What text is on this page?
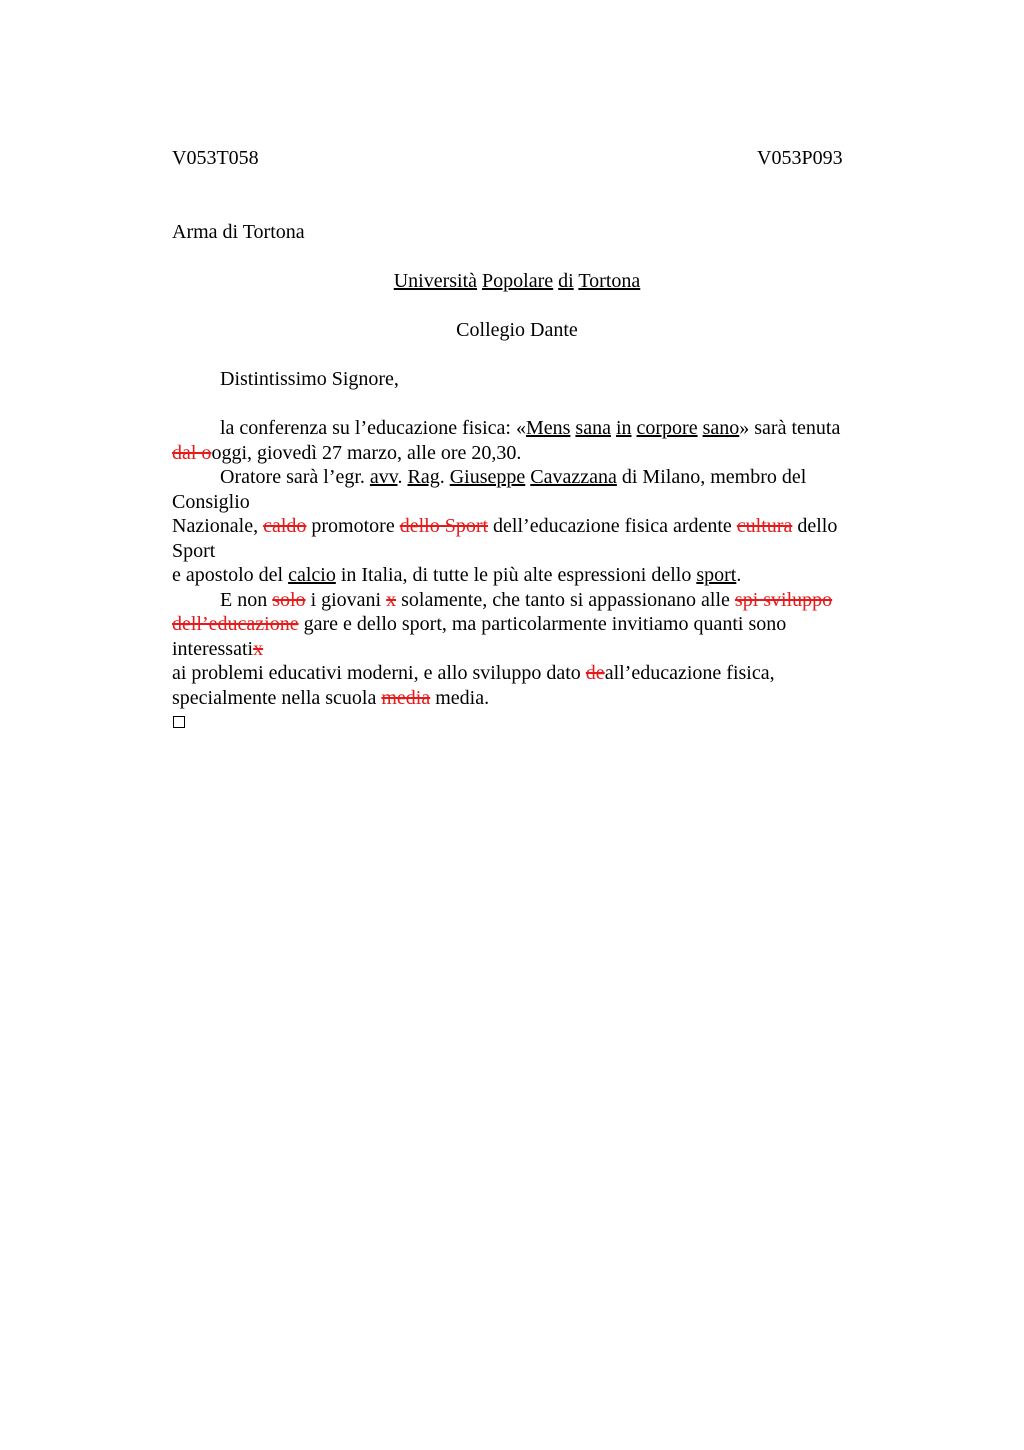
V053T058	V053P093

Arma di Tortona

Università Popolare di Tortona

Collegio Dante

Distintissimo Signore,

la conferenza su l’educazione fisica: «Mens sana in corpore sano» sarà tenuta

dal ooggi, giovedì 27 marzo, alle ore 20,30.

Oratore sarà l’egr. avv. Rag. Giuseppe Cavazzana di Milano, membro del

Consiglio

Nazionale, caldo promotore dello Sport dell’educazione fisica ardente cultura dello

Sport

e apostolo del calcio in Italia, di tutte le più alte espressioni dello sport.

E non solo i giovani x solamente, che tanto si appassionano alle spi sviluppo

dell’educazione gare e dello sport, ma particolarmente invitiamo quanti sono

interessatix

ai problemi educativi moderni, e allo sviluppo dato deall’educazione fisica,

specialmente nella scuola media media.
